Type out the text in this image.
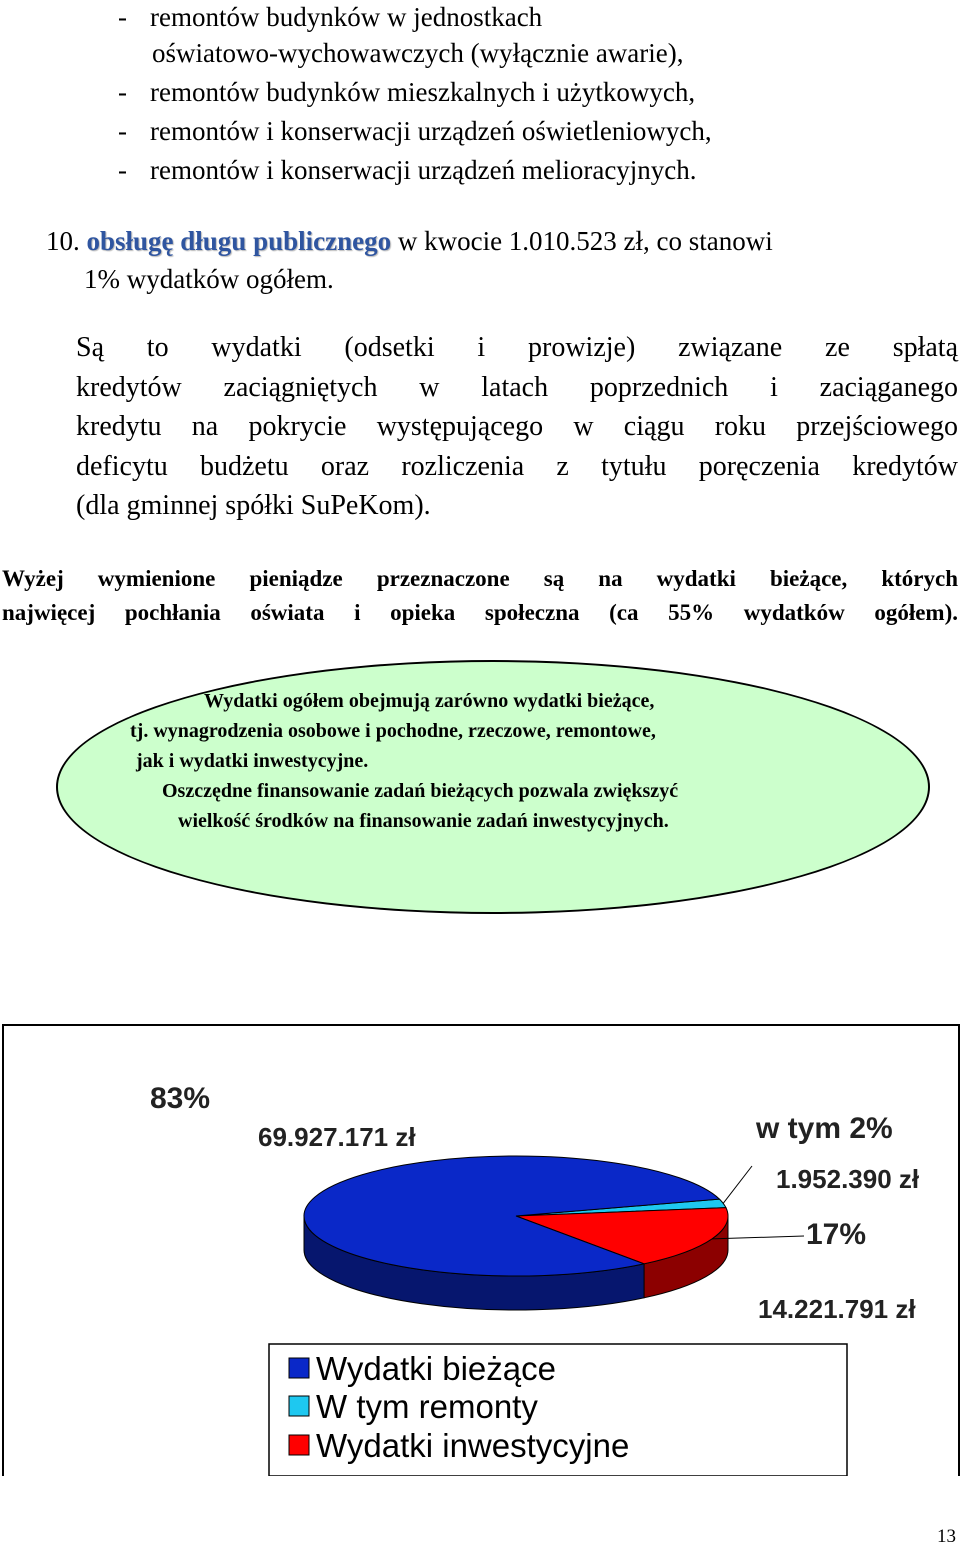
- remontów budynków w jednostkach
oświatowo-wychowawczych (wyłącznie awarie),
- remontów budynków mieszkalnych i użytkowych,
- remontów i konserwacji urządzeń oświetleniowych,
- remontów i konserwacji urządzeń melioracyjnych.
10. obsługę długu publicznego w kwocie 1.010.523 zł, co stanowi
1% wydatków ogółem.
Są to wydatki (odsetki i prowizje) związane ze spłatą
kredytów zaciągniętych w latach poprzednich i zaciąganego
kredytu na pokrycie występującego w ciągu roku przejściowego
deficytu budżetu oraz rozliczenia z tytułu poręczenia kredytów
(dla gminnej spółki SuPeKom).
Wyżej wymienione pieniądze przeznaczone są na wydatki bieżące, których
najwięcej pochłania oświata i opieka społeczna (ca 55% wydatków ogółem).
Wydatki ogółem obejmują zarówno wydatki bieżące,
tj. wynagrodzenia osobowe i pochodne, rzeczowe, remontowe,
jak i wydatki inwestycyjne.
Oszczędne finansowanie zadań bieżących pozwala zwiększyć
wielkość środków na finansowanie zadań inwestycyjnych.
83%
69.927.171 zł	w tym 2%
1.952.390 zł
17%
14.221.791 zł
Wydatki bieżące
W tym remonty
Wydatki inwestycyjne
13
